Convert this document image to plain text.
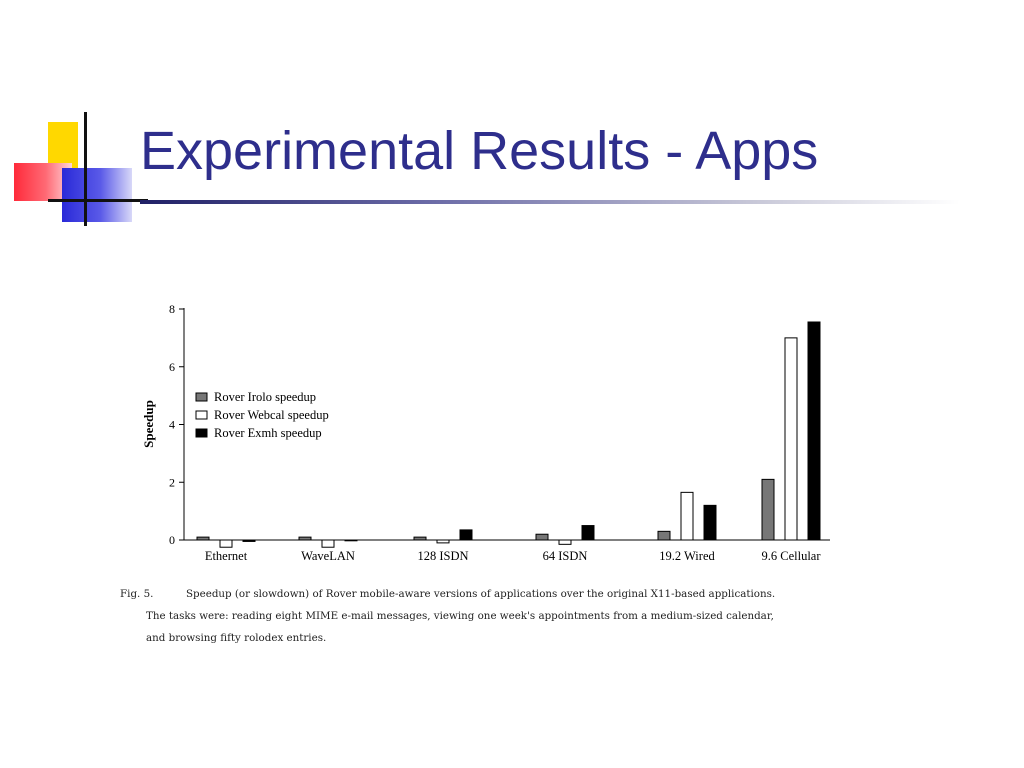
Experimental Results - Apps
0
2
4
6
8
Speedup
Ethernet	WaveLAN	128 ISDN	64 ISDN	19.2 Wired	9.6 Cellular
Rover Irolo speedup
Rover Webcal speedup
Rover Exmh speedup
Fig. 5.	Speedup (or slowdown) of Rover mobile-aware versions of applications over the original X11-based applications.
The tasks were: reading eight MIME e-mail messages, viewing one week's appointments from a medium-sized calendar,
and browsing fifty rolodex entries.
